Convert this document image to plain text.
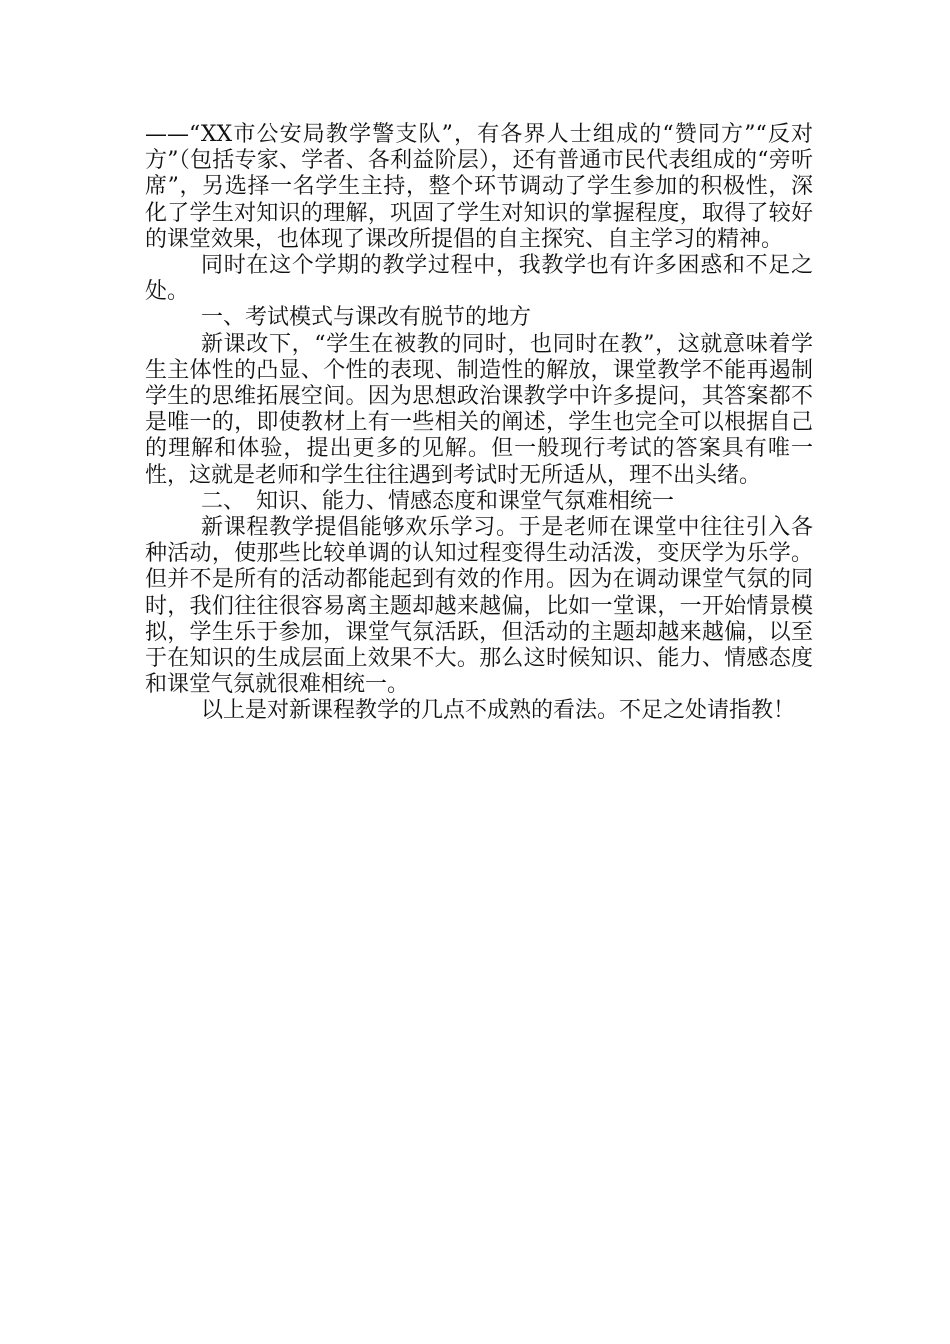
——“XX市公安局教学警支队”，有各界人士组成的“赞同方”“反对方”（包括专家、学者、各利益阶层），还有普通市民代表组成的“旁听席”，另选择一名学生主持，整个环节调动了学生参加的积极性，深化了学生对知识的理解，巩固了学生对知识的掌握程度，取得了较好的课堂效果，也体现了课改所提倡的自主探究、自主学习的精神。

同时在这个学期的教学过程中，我教学也有许多困惑和不足之处。

一、考试模式与课改有脱节的地方

新课改下，“学生在被教的同时，也同时在教”，这就意味着学生主体性的凸显、个性的表现、制造性的解放，课堂教学不能再遏制学生的思维拓展空间。因为思想政治课教学中许多提问，其答案都不是唯一的，即使教材上有一些相关的阐述，学生也完全可以根据自己的理解和体验，提出更多的见解。但一般现行考试的答案具有唯一性，这就是老师和学生往往遇到考试时无所适从，理不出头绪。

二、　知识、能力、情感态度和课堂气氛难相统一

新课程教学提倡能够欢乐学习。于是老师在课堂中往往引入各种活动，使那些比较单调的认知过程变得生动活泼，变厌学为乐学。但并不是所有的活动都能起到有效的作用。因为在调动课堂气氛的同时，我们往往很容易离主题却越来越偏，比如一堂课，一开始情景模拟，学生乐于参加，课堂气氛活跃，但活动的主题却越来越偏，以至于在知识的生成层面上效果不大。那么这时候知识、能力、情感态度和课堂气氛就很难相统一。

以上是对新课程教学的几点不成熟的看法。不足之处请指教！
